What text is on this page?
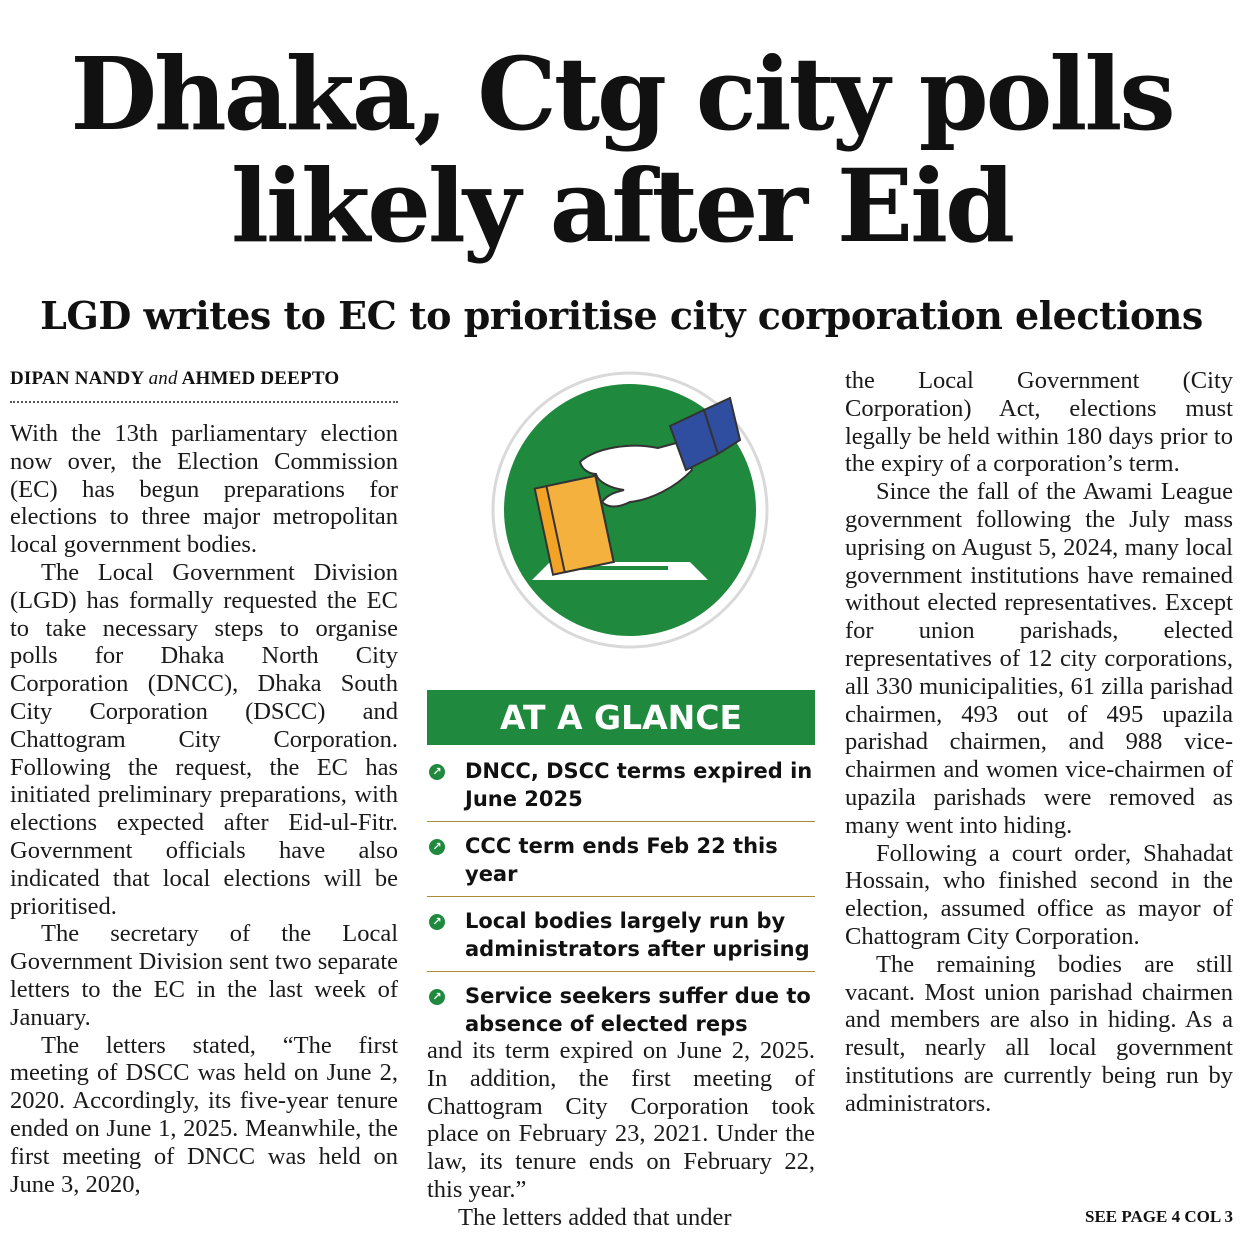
Dhaka, Ctg city polls
likely after Eid
LGD writes to EC to prioritise city corporation elections
DIPAN NANDY and AHMED DEEPTO

With the 13th parliamentary election now over, the Election Commission (EC) has begun preparations for elections to three major metropolitan local government bodies.

The Local Government Division (LGD) has formally requested the EC to take necessary steps to organise polls for Dhaka North City Corporation (DNCC), Dhaka South City Corporation (DSCC) and Chattogram City Corporation. Following the request, the EC has initiated preliminary preparations, with elections expected after Eid-ul-Fitr. Government officials have also indicated that local elections will be prioritised.

The secretary of the Local Government Division sent two separate letters to the EC in the last week of January.

The letters stated, “The first meeting of DSCC was held on June 2, 2020. Accordingly, its five-year tenure ended on June 1, 2025. Meanwhile, the first meeting of DNCC was held on June 3, 2020,

AT A GLANCE
↗ DNCC, DSCC terms expired in June 2025
↗ CCC term ends Feb 22 this year
↗ Local bodies largely run by administrators after uprising
↗ Service seekers suffer due to absence of elected reps

and its term expired on June 2, 2025. In addition, the first meeting of Chattogram City Corporation took place on February 23, 2021. Under the law, its tenure ends on February 22, this year.”

The letters added that under

the Local Government (City Corporation) Act, elections must legally be held within 180 days prior to the expiry of a corporation’s term.

Since the fall of the Awami League government following the July mass uprising on August 5, 2024, many local government institutions have remained without elected representatives. Except for union parishads, elected representatives of 12 city corporations, all 330 municipalities, 61 zilla parishad chairmen, 493 out of 495 upazila parishad chairmen, and 988 vice-chairmen and women vice-chairmen of upazila parishads were removed as many went into hiding.

Following a court order, Shahadat Hossain, who finished second in the election, assumed office as mayor of Chattogram City Corporation.

The remaining bodies are still vacant. Most union parishad chairmen and members are also in hiding. As a result, nearly all local government institutions are currently being run by administrators.

SEE PAGE 4 COL 3
